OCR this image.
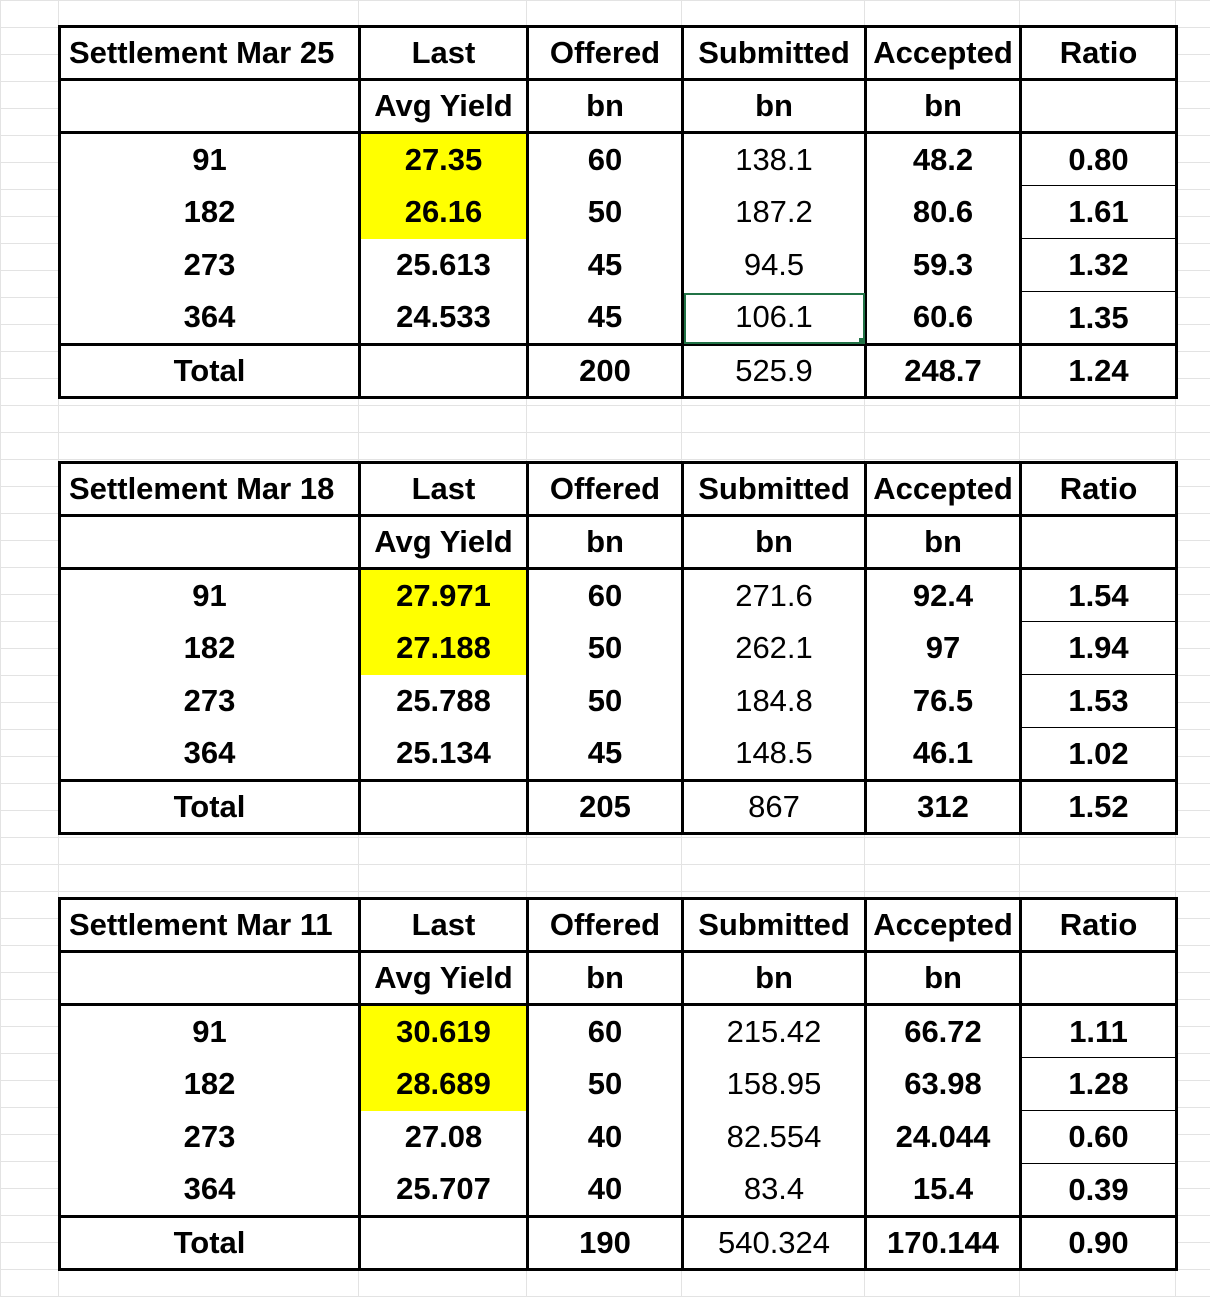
Settlement Mar 25	Last	Offered	Submitted	Accepted	Ratio
	Avg Yield	bn	bn	bn	
91	27.35	60	138.1	48.2	0.80
182	26.16	50	187.2	80.6	1.61
273	25.613	45	94.5	59.3	1.32
364	24.533	45	106.1	60.6	1.35
Total		200	525.9	248.7	1.24
Settlement Mar 18	Last	Offered	Submitted	Accepted	Ratio
	Avg Yield	bn	bn	bn	
91	27.971	60	271.6	92.4	1.54
182	27.188	50	262.1	97	1.94
273	25.788	50	184.8	76.5	1.53
364	25.134	45	148.5	46.1	1.02
Total		205	867	312	1.52
Settlement Mar 11	Last	Offered	Submitted	Accepted	Ratio
	Avg Yield	bn	bn	bn	
91	30.619	60	215.42	66.72	1.11
182	28.689	50	158.95	63.98	1.28
273	27.08	40	82.554	24.044	0.60
364	25.707	40	83.4	15.4	0.39
Total		190	540.324	170.144	0.90
